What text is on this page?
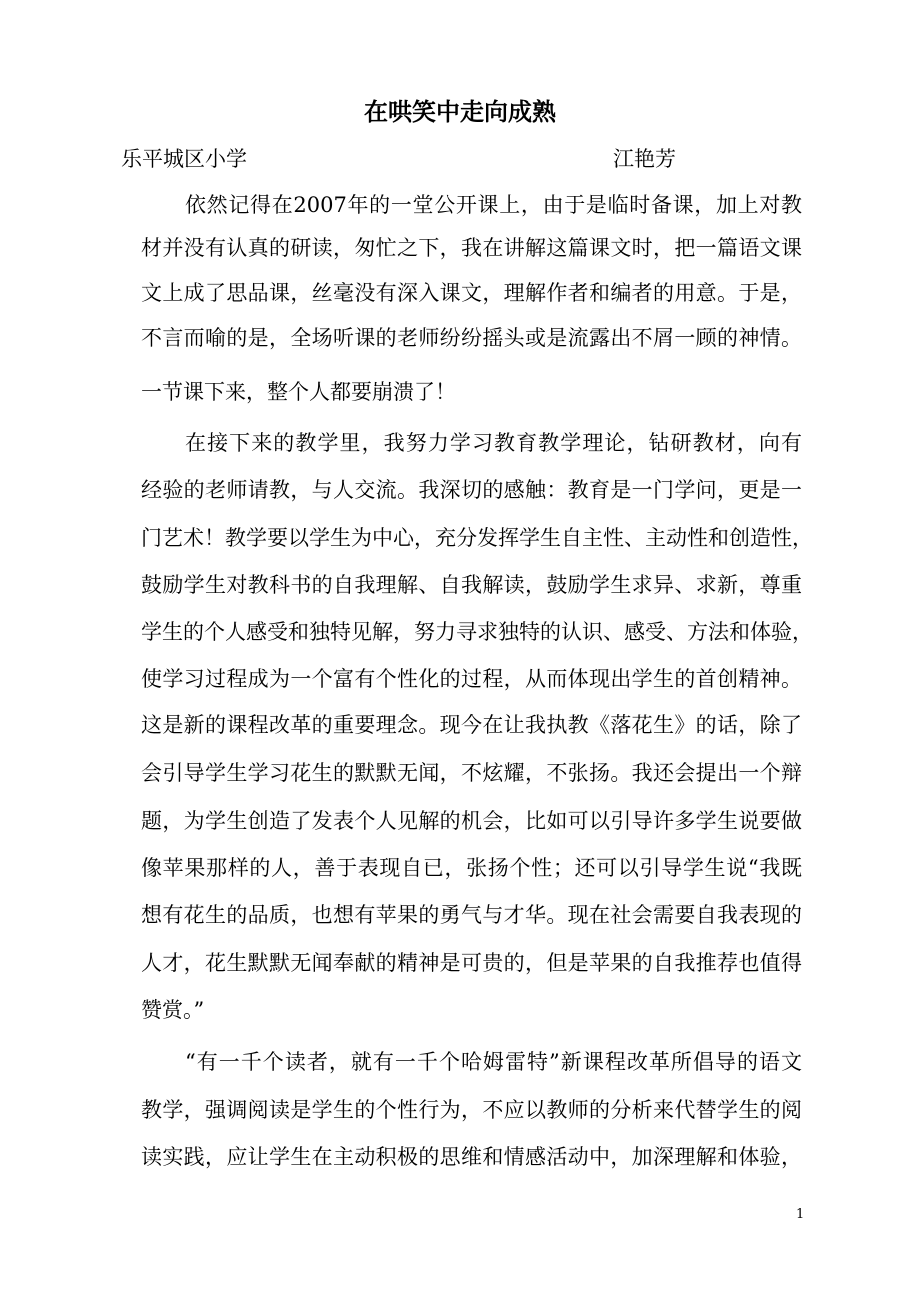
在哄笑中走向成熟
乐平城区小学	江艳芳
依然记得在2007年的一堂公开课上，由于是临时备课，加上对教
材并没有认真的研读，匆忙之下，我在讲解这篇课文时，把一篇语文课
文上成了思品课，丝毫没有深入课文，理解作者和编者的用意。于是，
不言而喻的是，全场听课的老师纷纷摇头或是流露出不屑一顾的神情。
一节课下来，整个人都要崩溃了！
在接下来的教学里，我努力学习教育教学理论，钻研教材，向有
经验的老师请教，与人交流。我深切的感触：教育是一门学问，更是一
门艺术！教学要以学生为中心，充分发挥学生自主性、主动性和创造性，
鼓励学生对教科书的自我理解、自我解读，鼓励学生求异、求新，尊重
学生的个人感受和独特见解，努力寻求独特的认识、感受、方法和体验，
使学习过程成为一个富有个性化的过程，从而体现出学生的首创精神。
这是新的课程改革的重要理念。现今在让我执教《落花生》的话，除了
会引导学生学习花生的默默无闻，不炫耀，不张扬。我还会提出一个辩
题，为学生创造了发表个人见解的机会，比如可以引导许多学生说要做
像苹果那样的人，善于表现自已，张扬个性；还可以引导学生说“我既
想有花生的品质，也想有苹果的勇气与才华。现在社会需要自我表现的
人才，花生默默无闻奉献的精神是可贵的，但是苹果的自我推荐也值得
赞赏。”
“有一千个读者，就有一千个哈姆雷特”新课程改革所倡导的语文
教学，强调阅读是学生的个性行为，不应以教师的分析来代替学生的阅
读实践，应让学生在主动积极的思维和情感活动中，加深理解和体验，
1
